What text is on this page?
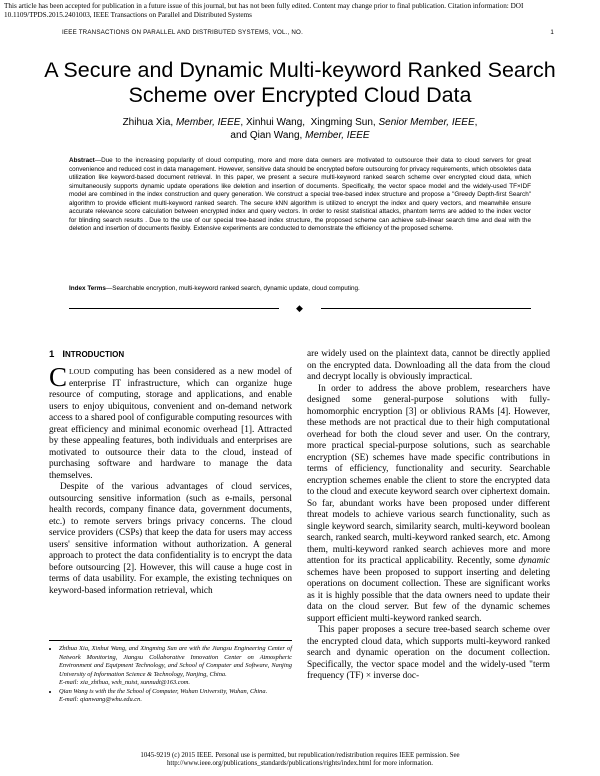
This article has been accepted for publication in a future issue of this journal, but has not been fully edited. Content may change prior to final publication. Citation information: DOI 10.1109/TPDS.2015.2401003, IEEE Transactions on Parallel and Distributed Systems
IEEE TRANSACTIONS ON PARALLEL AND DISTRIBUTED SYSTEMS, VOL., NO.	1
A Secure and Dynamic Multi-keyword Ranked Search Scheme over Encrypted Cloud Data
Zhihua Xia, Member, IEEE, Xinhui Wang,  Xingming Sun, Senior Member, IEEE,
and Qian Wang, Member, IEEE
Abstract—Due to the increasing popularity of cloud computing, more and more data owners are motivated to outsource their data to cloud servers for great convenience and reduced cost in data management. However, sensitive data should be encrypted before outsourcing for privacy requirements, which obsoletes data utilization like keyword-based document retrieval. In this paper, we present a secure multi-keyword ranked search scheme over encrypted cloud data, which simultaneously supports dynamic update operations like deletion and insertion of documents. Specifically, the vector space model and the widely-used TF×IDF model are combined in the index construction and query generation. We construct a special tree-based index structure and propose a "Greedy Depth-first Search" algorithm to provide efficient multi-keyword ranked search. The secure kNN algorithm is utilized to encrypt the index and query vectors, and meanwhile ensure accurate relevance score calculation between encrypted index and query vectors. In order to resist statistical attacks, phantom terms are added to the index vector for blinding search results . Due to the use of our special tree-based index structure, the proposed scheme can achieve sub-linear search time and deal with the deletion and insertion of documents flexibly. Extensive experiments are conducted to demonstrate the efficiency of the proposed scheme.
Index Terms—Searchable encryption, multi-keyword ranked search, dynamic update, cloud computing.
◆
1 INTRODUCTION

CLOUD computing has been considered as a new model of enterprise IT infrastructure, which can organize huge resource of computing, storage and applications, and enable users to enjoy ubiquitous, convenient and on-demand network access to a shared pool of configurable computing resources with great efficiency and minimal economic overhead [1]. Attracted by these appealing features, both individuals and enterprises are motivated to outsource their data to the cloud, instead of purchasing software and hardware to manage the data themselves.

Despite of the various advantages of cloud services, outsourcing sensitive information (such as e-mails, personal health records, company finance data, government documents, etc.) to remote servers brings privacy concerns. The cloud service providers (CSPs) that keep the data for users may access users' sensitive information without authorization. A general approach to protect the data confidentiality is to encrypt the data before outsourcing [2]. However, this will cause a huge cost in terms of data usability. For example, the existing techniques on keyword-based information retrieval, which

are widely used on the plaintext data, cannot be directly applied on the encrypted data. Downloading all the data from the cloud and decrypt locally is obviously impractical.

In order to address the above problem, researchers have designed some general-purpose solutions with fully-homomorphic encryption [3] or oblivious RAMs [4]. However, these methods are not practical due to their high computational overhead for both the cloud sever and user. On the contrary, more practical special-purpose solutions, such as searchable encryption (SE) schemes have made specific contributions in terms of efficiency, functionality and security. Searchable encryption schemes enable the client to store the encrypted data to the cloud and execute keyword search over ciphertext domain. So far, abundant works have been proposed under different threat models to achieve various search functionality, such as single keyword search, similarity search, multi-keyword boolean search, ranked search, multi-keyword ranked search, etc. Among them, multi-keyword ranked search achieves more and more attention for its practical applicability. Recently, some dynamic schemes have been proposed to support inserting and deleting operations on document collection. These are significant works as it is highly possible that the data owners need to update their data on the cloud server. But few of the dynamic schemes support efficient multi-keyword ranked search.

This paper proposes a secure tree-based search scheme over the encrypted cloud data, which supports multi-keyword ranked search and dynamic operation on the document collection. Specifically, the vector space model and the widely-used "term frequency (TF) × inverse doc-

• Zhihua Xia, Xinhui Wang, and Xingming Sun are with the Jiangsu Engineering Center of Network Monitoring, Jiangsu Collaborative Innovation Center on Atmospheric Environment and Equipment Technology, and School of Computer and Software, Nanjing University of Information Science & Technology, Nanjing, China.
E-mail: xia_zhihua, wxh_nuist, sunnudt@163.com.
• Qian Wang is with the the School of Computer, Wuhan University, Wuhan, China.
E-mail: qianwang@whu.edu.cn.
1045-9219 (c) 2015 IEEE. Personal use is permitted, but republication/redistribution requires IEEE permission. See
http://www.ieee.org/publications_standards/publications/rights/index.html for more information.
